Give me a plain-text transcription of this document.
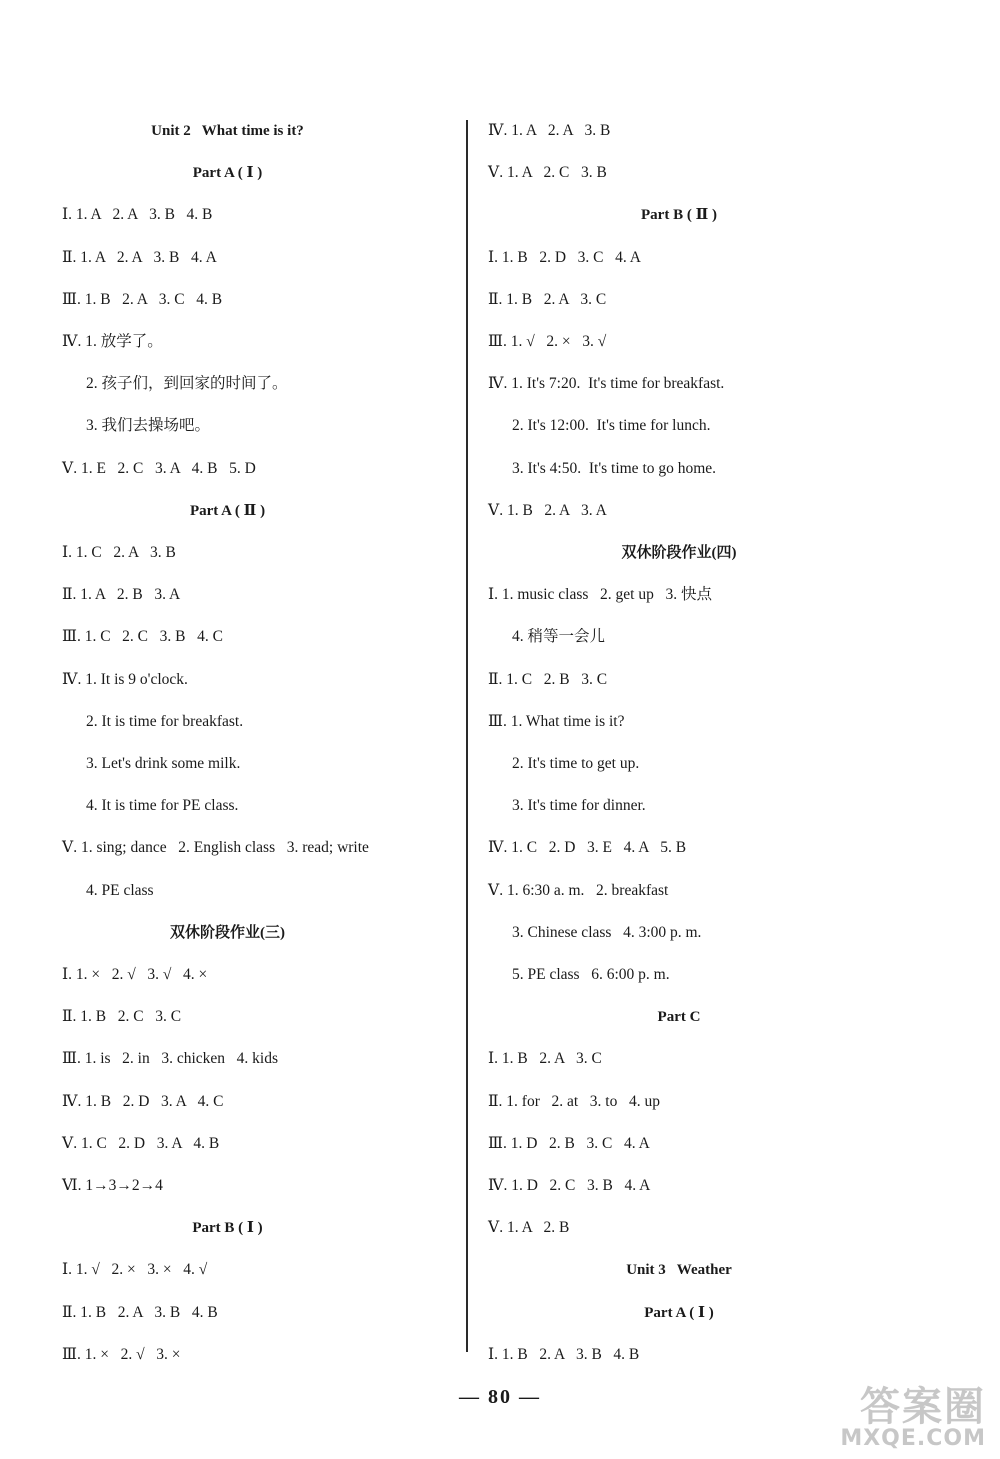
Unit 2   What time is it?
Part A ( Ⅰ )
Ⅰ. 1. A   2. A   3. B   4. B
Ⅱ. 1. A   2. A   3. B   4. A
Ⅲ. 1. B   2. A   3. C   4. B
Ⅳ. 1. 放学了。
2. 孩子们，到回家的时间了。
3. 我们去操场吧。
Ⅴ. 1. E   2. C   3. A   4. B   5. D
Part A ( Ⅱ )
Ⅰ. 1. C   2. A   3. B
Ⅱ. 1. A   2. B   3. A
Ⅲ. 1. C   2. C   3. B   4. C
Ⅳ. 1. It is 9 o'clock.
2. It is time for breakfast.
3. Let's drink some milk.
4. It is time for PE class.
Ⅴ. 1. sing; dance   2. English class   3. read; write
4. PE class
双休阶段作业(三)
Ⅰ. 1. ×   2. √   3. √   4. ×
Ⅱ. 1. B   2. C   3. C
Ⅲ. 1. is   2. in   3. chicken   4. kids
Ⅳ. 1. B   2. D   3. A   4. C
Ⅴ. 1. C   2. D   3. A   4. B
Ⅵ. 1→3→2→4
Part B ( Ⅰ )
Ⅰ. 1. √   2. ×   3. ×   4. √
Ⅱ. 1. B   2. A   3. B   4. B
Ⅲ. 1. ×   2. √   3. ×
Ⅳ. 1. A   2. A   3. B
Ⅴ. 1. A   2. C   3. B
Part B ( Ⅱ )
Ⅰ. 1. B   2. D   3. C   4. A
Ⅱ. 1. B   2. A   3. C
Ⅲ. 1. √   2. ×   3. √
Ⅳ. 1. It's 7:20.  It's time for breakfast.
2. It's 12:00.  It's time for lunch.
3. It's 4:50.  It's time to go home.
Ⅴ. 1. B   2. A   3. A
双休阶段作业(四)
Ⅰ. 1. music class   2. get up   3. 快点
4. 稍等一会儿
Ⅱ. 1. C   2. B   3. C
Ⅲ. 1. What time is it?
2. It's time to get up.
3. It's time for dinner.
Ⅳ. 1. C   2. D   3. E   4. A   5. B
Ⅴ. 1. 6:30 a. m.   2. breakfast
3. Chinese class   4. 3:00 p. m.
5. PE class   6. 6:00 p. m.
Part C
Ⅰ. 1. B   2. A   3. C
Ⅱ. 1. for   2. at   3. to   4. up
Ⅲ. 1. D   2. B   3. C   4. A
Ⅳ. 1. D   2. C   3. B   4. A
Ⅴ. 1. A   2. B
Unit 3   Weather
Part A ( Ⅰ )
Ⅰ. 1. B   2. A   3. B   4. B
— 80 —	答案圈
MXQE.COM
